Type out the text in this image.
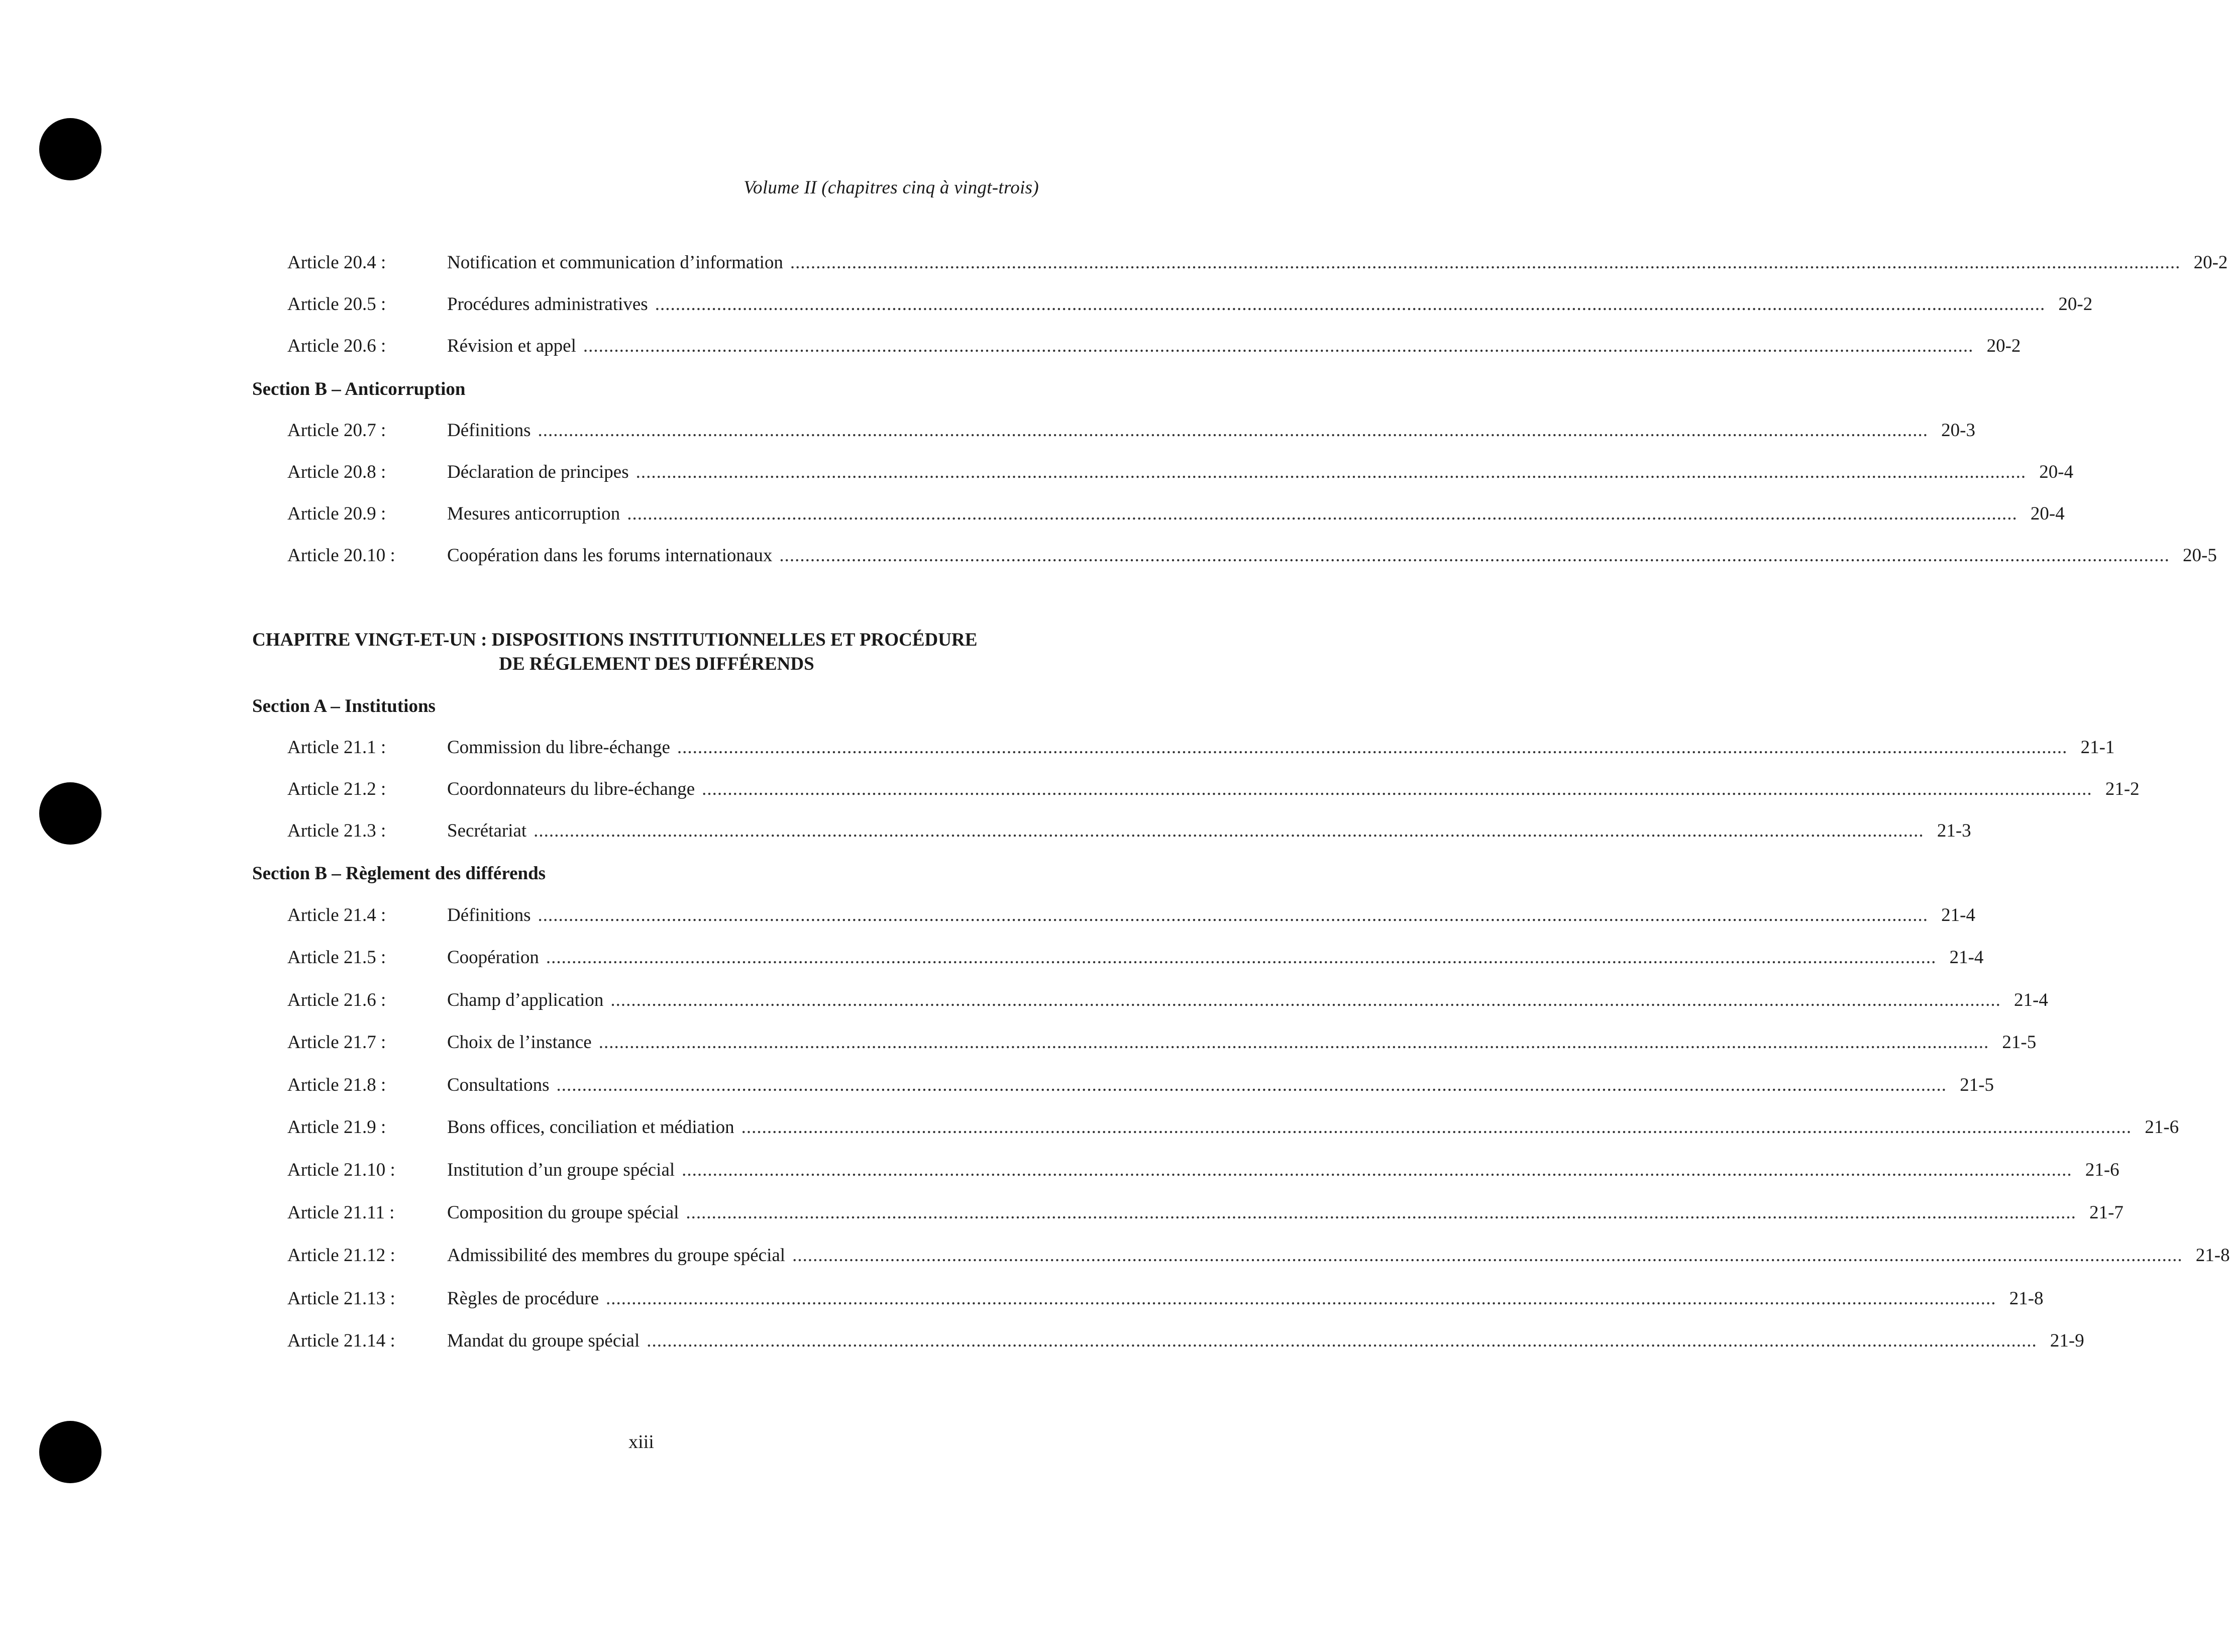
Volume II (chapitres cinq à vingt-trois)
Article 20.4 :	Notification et communication d’information .............................................................................................................................................................................................................................................................................. 20-2
Article 20.5 :	Procédures administratives .............................................................................................................................................................................................................................................................................. 20-2
Article 20.6 :	Révision et appel .............................................................................................................................................................................................................................................................................. 20-2
Section B – Anticorruption
Article 20.7 :	Définitions .............................................................................................................................................................................................................................................................................. 20-3
Article 20.8 :	Déclaration de principes .............................................................................................................................................................................................................................................................................. 20-4
Article 20.9 :	Mesures anticorruption .............................................................................................................................................................................................................................................................................. 20-4
Article 20.10 :	Coopération dans les forums internationaux .............................................................................................................................................................................................................................................................................. 20-5
CHAPITRE VINGT-ET-UN : DISPOSITIONS INSTITUTIONNELLES ET PROCÉDURE
DE RÉGLEMENT DES DIFFÉRENDS
Section A – Institutions
Article 21.1 :	Commission du libre-échange .............................................................................................................................................................................................................................................................................. 21-1
Article 21.2 :	Coordonnateurs du libre-échange .............................................................................................................................................................................................................................................................................. 21-2
Article 21.3 :	Secrétariat .............................................................................................................................................................................................................................................................................. 21-3
Section B – Règlement des différends
Article 21.4 :	Définitions .............................................................................................................................................................................................................................................................................. 21-4
Article 21.5 :	Coopération .............................................................................................................................................................................................................................................................................. 21-4
Article 21.6 :	Champ d’application .............................................................................................................................................................................................................................................................................. 21-4
Article 21.7 :	Choix de l’instance .............................................................................................................................................................................................................................................................................. 21-5
Article 21.8 :	Consultations .............................................................................................................................................................................................................................................................................. 21-5
Article 21.9 :	Bons offices, conciliation et médiation .............................................................................................................................................................................................................................................................................. 21-6
Article 21.10 :	Institution d’un groupe spécial .............................................................................................................................................................................................................................................................................. 21-6
Article 21.11 :	Composition du groupe spécial .............................................................................................................................................................................................................................................................................. 21-7
Article 21.12 :	Admissibilité des membres du groupe spécial .............................................................................................................................................................................................................................................................................. 21-8
Article 21.13 :	Règles de procédure .............................................................................................................................................................................................................................................................................. 21-8
Article 21.14 :	Mandat du groupe spécial .............................................................................................................................................................................................................................................................................. 21-9
xiii
